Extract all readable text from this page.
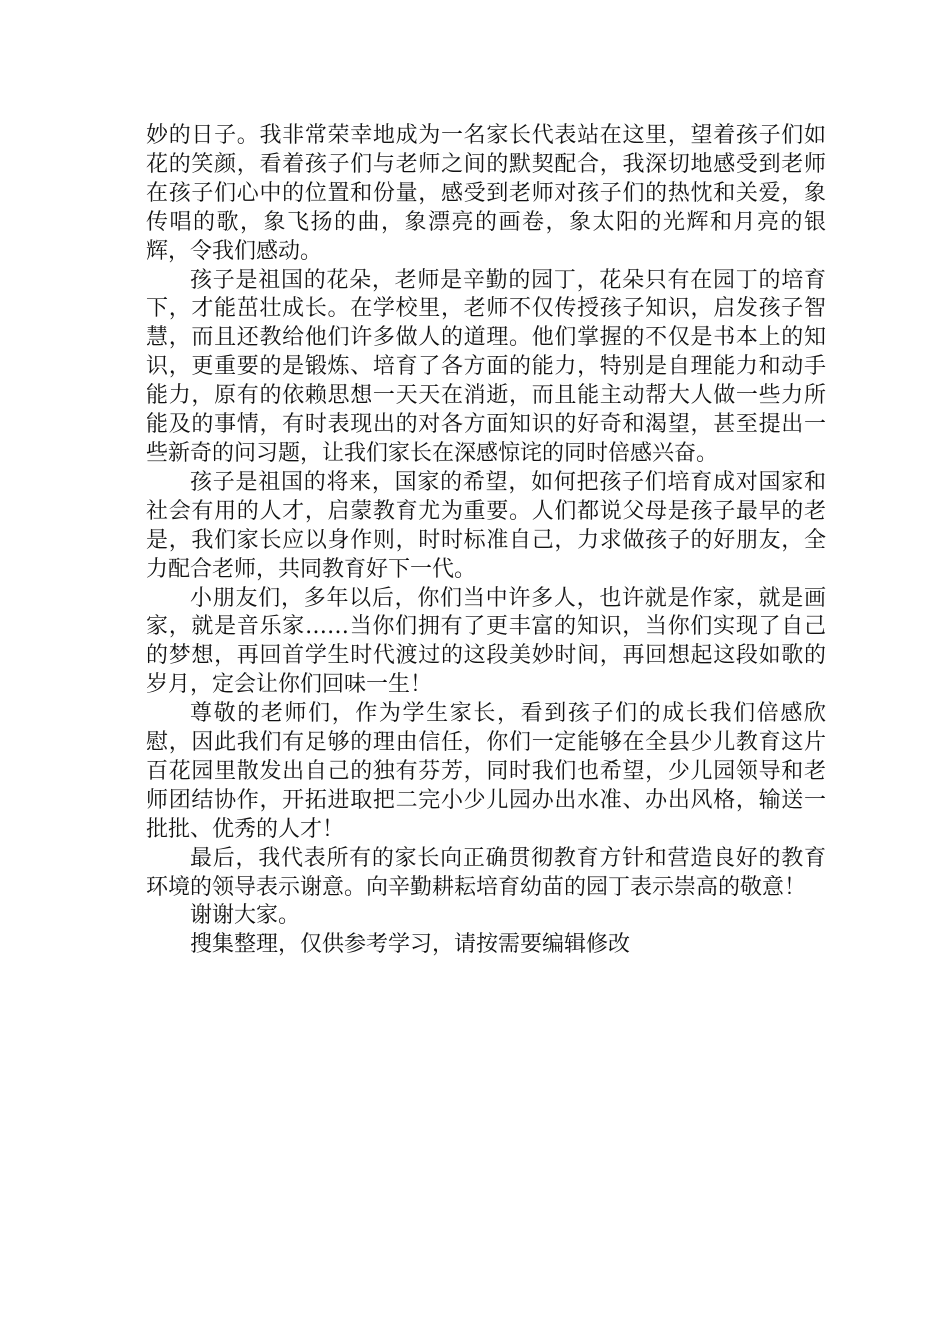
妙的日子。我非常荣幸地成为一名家长代表站在这里，望着孩子们如花的笑颜，看着孩子们与老师之间的默契配合，我深切地感受到老师在孩子们心中的位置和份量，感受到老师对孩子们的热忱和关爱，象传唱的歌，象飞扬的曲，象漂亮的画卷，象太阳的光辉和月亮的银辉，令我们感动。

孩子是祖国的花朵，老师是辛勤的园丁，花朵只有在园丁的培育下，才能茁壮成长。在学校里，老师不仅传授孩子知识，启发孩子智慧，而且还教给他们许多做人的道理。他们掌握的不仅是书本上的知识，更重要的是锻炼、培育了各方面的能力，特别是自理能力和动手能力，原有的依赖思想一天天在消逝，而且能主动帮大人做一些力所能及的事情，有时表现出的对各方面知识的好奇和渴望，甚至提出一些新奇的问习题，让我们家长在深感惊诧的同时倍感兴奋。

孩子是祖国的将来，国家的希望，如何把孩子们培育成对国家和社会有用的人才，启蒙教育尤为重要。人们都说父母是孩子最早的老是，我们家长应以身作则，时时标准自己，力求做孩子的好朋友，全力配合老师，共同教育好下一代。

小朋友们，多年以后，你们当中许多人，也许就是作家，就是画家，就是音乐家……当你们拥有了更丰富的知识，当你们实现了自己的梦想，再回首学生时代渡过的这段美妙时间，再回想起这段如歌的岁月，定会让你们回味一生！

尊敬的老师们，作为学生家长，看到孩子们的成长我们倍感欣慰，因此我们有足够的理由信任，你们一定能够在全县少儿教育这片百花园里散发出自己的独有芬芳，同时我们也希望，少儿园领导和老师团结协作，开拓进取把二完小少儿园办出水准、办出风格，输送一批批、优秀的人才！

最后，我代表所有的家长向正确贯彻教育方针和营造良好的教育环境的领导表示谢意。向辛勤耕耘培育幼苗的园丁表示崇高的敬意！

谢谢大家。

搜集整理，仅供参考学习，请按需要编辑修改
